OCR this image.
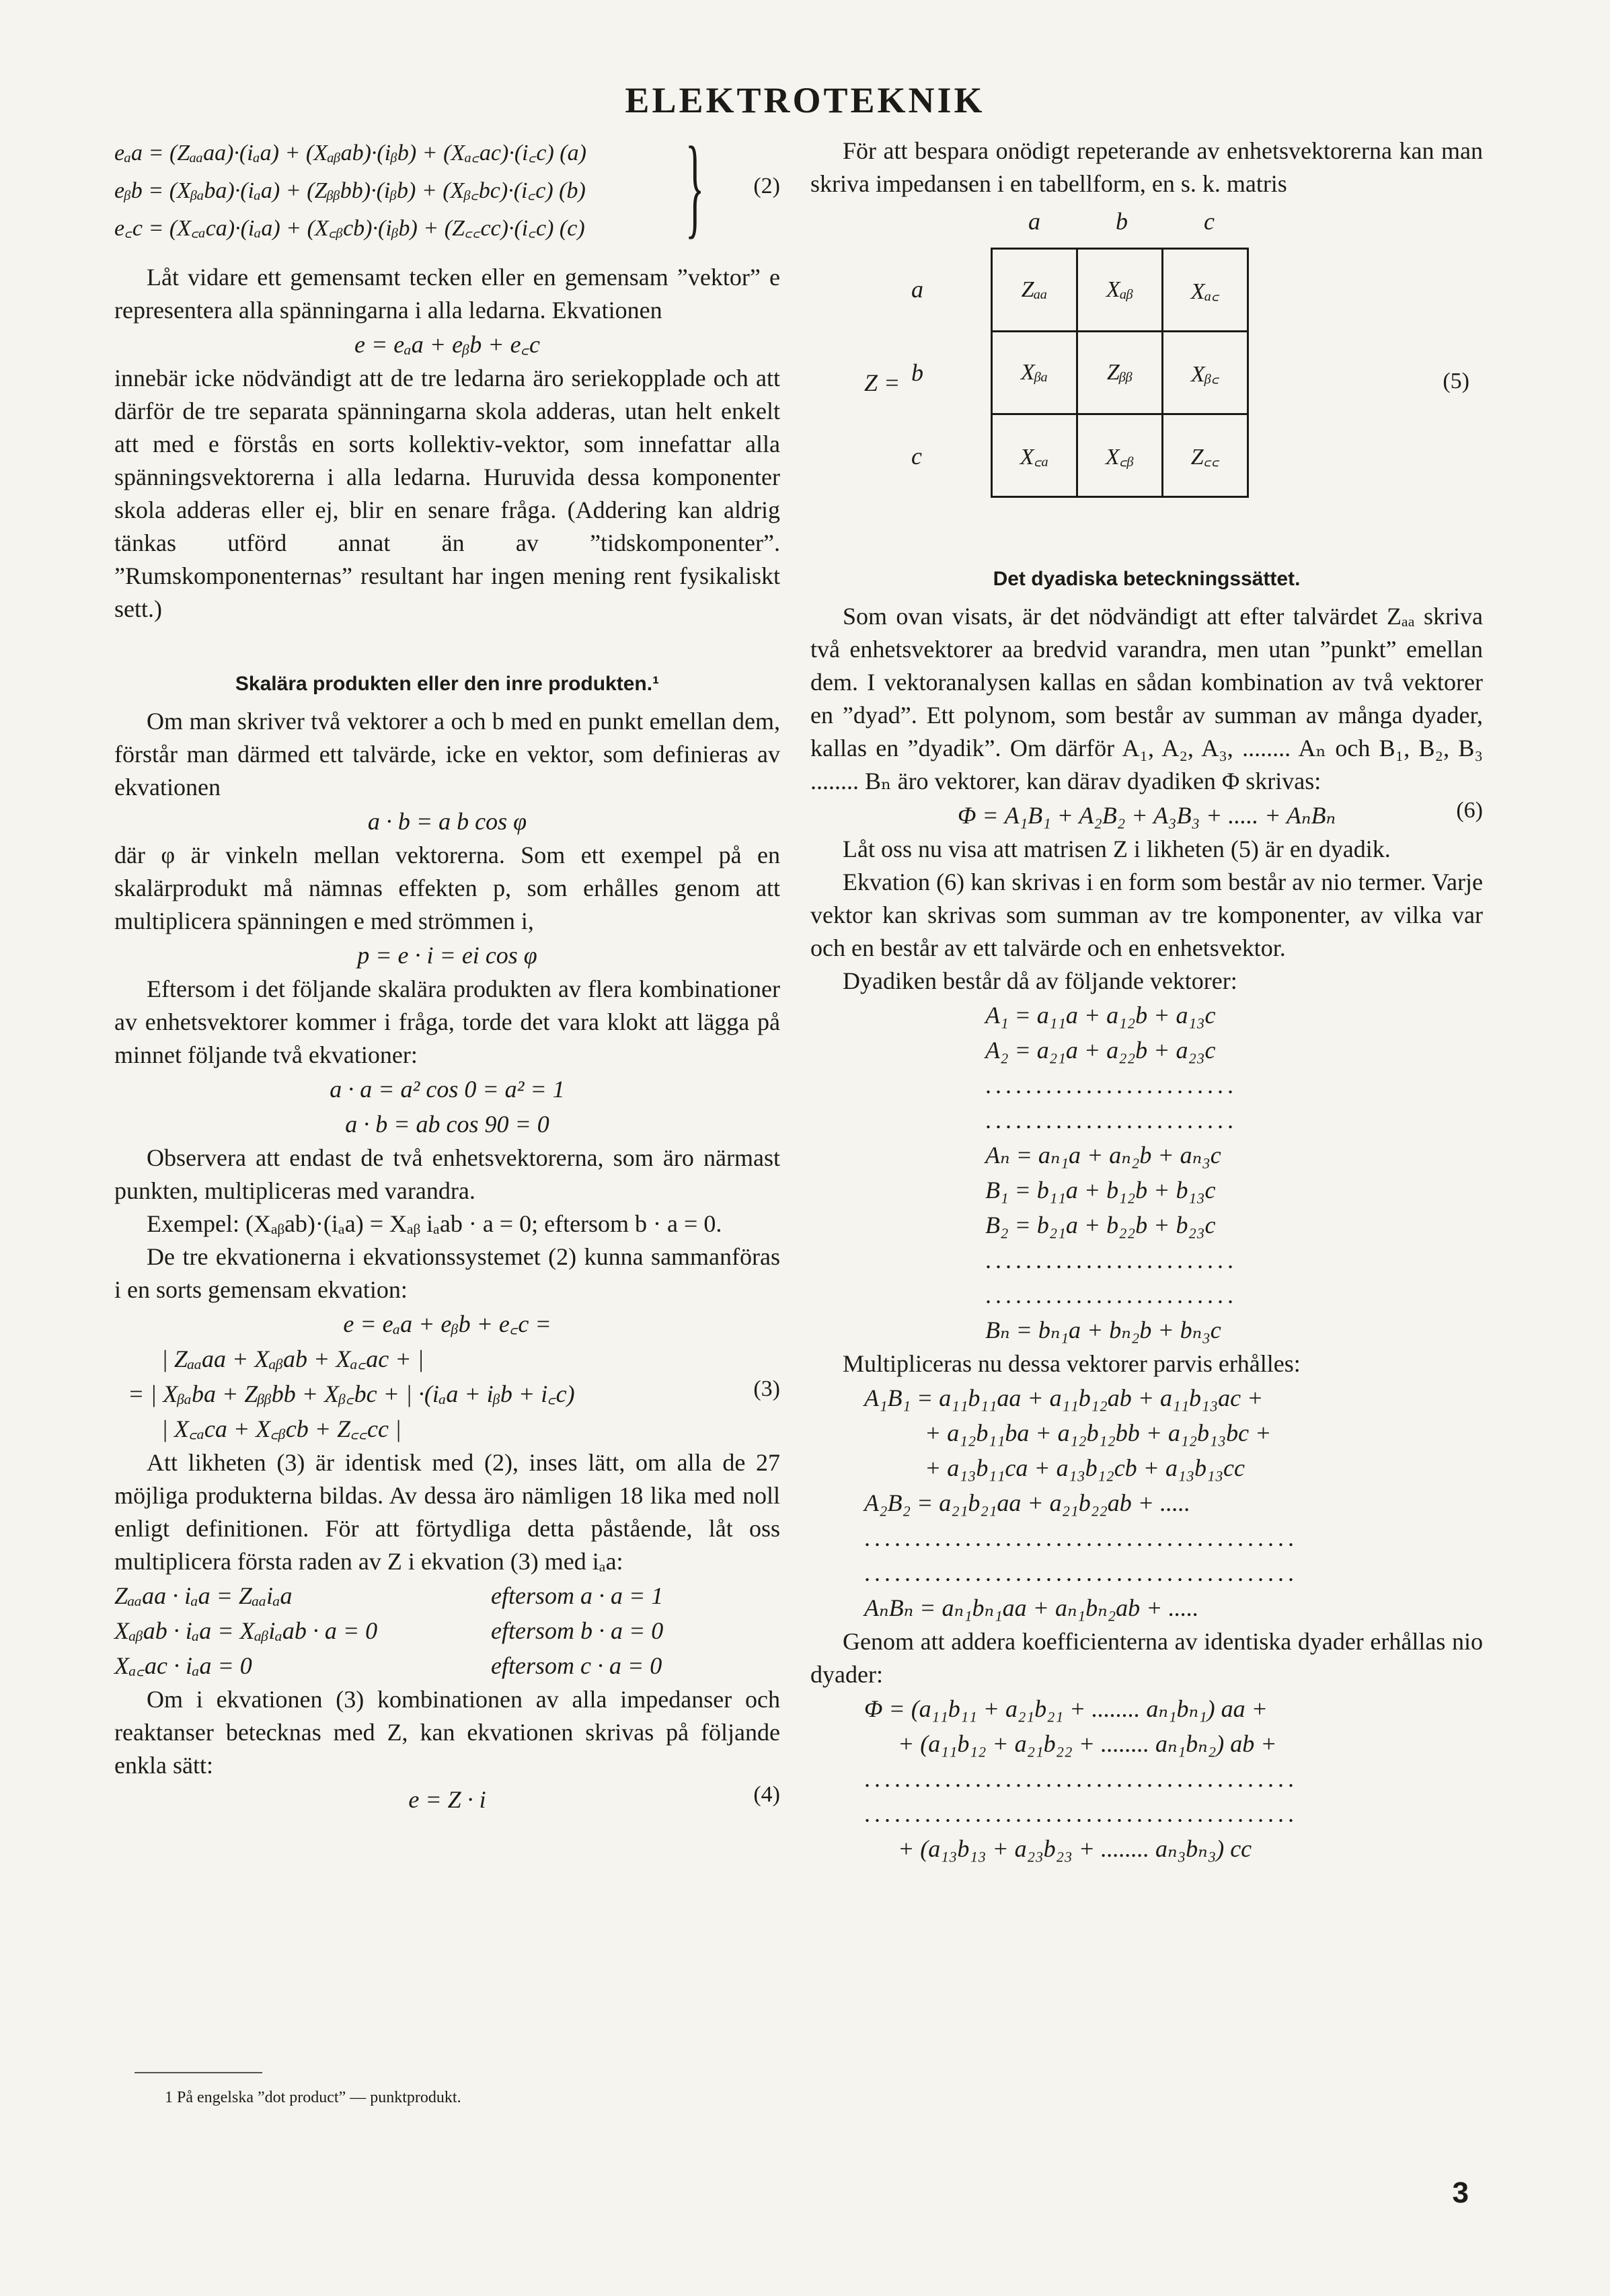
ELEKTROTEKNIK
eₐa = (Zₐₐaa)·(iₐa) + (Xₐᵦab)·(iᵦb) + (Xₐ꜀ac)·(i꜀c) (a)
eᵦb = (Xᵦₐba)·(iₐa) + (Zᵦᵦbb)·(iᵦb) + (Xᵦ꜀bc)·(i꜀c) (b)
e꜀c = (X꜀ₐca)·(iₐa) + (X꜀ᵦcb)·(iᵦb) + (Z꜀꜀cc)·(i꜀c) (c) } (2)

Låt vidare ett gemensamt tecken eller en gemensam ”vektor” e representera alla spänningarna i alla ledarna. Ekvationen

e = eₐa + eᵦb + e꜀c

innebär icke nödvändigt att de tre ledarna äro seriekopplade och att därför de tre separata spänningarna skola adderas, utan helt enkelt att med e förstås en sorts kollektiv-vektor, som innefattar alla spänningsvektorerna i alla ledarna. Huruvida dessa komponenter skola adderas eller ej, blir en senare fråga. (Addering kan aldrig tänkas utförd annat än av ”tidskomponenter”. ”Rumskomponenternas” resultant har ingen mening rent fysikaliskt sett.)

Skalära produkten eller den inre produkten.¹

Om man skriver två vektorer a och b med en punkt emellan dem, förstår man därmed ett talvärde, icke en vektor, som definieras av ekvationen

a · b = a b cos φ

där φ är vinkeln mellan vektorerna. Som ett exempel på en skalärprodukt må nämnas effekten p, som erhålles genom att multiplicera spänningen e med strömmen i,

p = e · i = ei cos φ

Eftersom i det följande skalära produkten av flera kombinationer av enhetsvektorer kommer i fråga, torde det vara klokt att lägga på minnet följande två ekvationer:

a · a = a² cos 0 = a² = 1
a · b = ab cos 90 = 0

Observera att endast de två enhetsvektorerna, som äro närmast punkten, multipliceras med varandra.

Exempel: (Xₐᵦab)·(iₐa) = Xₐᵦ iₐab · a = 0; eftersom b · a = 0.

De tre ekvationerna i ekvationssystemet (2) kunna sammanföras i en sorts gemensam ekvation:

e = eₐa + eᵦb + e꜀c =
| Zₐₐaa + Xₐᵦab + Xₐ꜀ac + |
= | Xᵦₐba + Zᵦᵦbb + Xᵦ꜀bc + | ·(iₐa + iᵦb + i꜀c)
| X꜀ₐca + X꜀ᵦcb + Z꜀꜀cc |
(3)

Att likheten (3) är identisk med (2), inses lätt, om alla de 27 möjliga produkterna bildas. Av dessa äro nämligen 18 lika med noll enligt definitionen. För att förtydliga detta påstående, låt oss multiplicera första raden av Z i ekvation (3) med iₐa:

Zₐₐaa · iₐa = Zₐₐiₐa	eftersom a · a = 1
Xₐᵦab · iₐa = Xₐᵦiₐab · a = 0	eftersom b · a = 0
Xₐ꜀ac · iₐa = 0	eftersom c · a = 0

Om i ekvationen (3) kombinationen av alla impedanser och reaktanser betecknas med Z, kan ekvationen skrivas på följande enkla sätt:

e = Z · i	(4)
1 På engelska ”dot product” — punktprodukt.

För att bespara onödigt repeterande av enhetsvektorerna kan man skriva impedansen i en tabellform, en s. k. matris

a	b	c
a
b
c
Z =
Zₐₐ	Xₐᵦ	Xₐ꜀
Xᵦₐ	Zᵦᵦ	Xᵦ꜀
X꜀ₐ	X꜀ᵦ	Z꜀꜀
(5)
Det dyadiska beteckningssättet.

Som ovan visats, är det nödvändigt att efter talvärdet Zₐₐ skriva två enhetsvektorer aa bredvid varandra, men utan ”punkt” emellan dem. I vektoranalysen kallas en sådan kombination av två vektorer en ”dyad”. Ett polynom, som består av summan av många dyader, kallas en ”dyadik”. Om därför A₁, A₂, A₃, ........ Aₙ och B₁, B₂, B₃ ........ Bₙ äro vektorer, kan därav dyadiken Φ skrivas:

Φ = A₁B₁ + A₂B₂ + A₃B₃ + ..... + AₙBₙ	(6)

Låt oss nu visa att matrisen Z i likheten (5) är en dyadik.

Ekvation (6) kan skrivas i en form som består av nio termer. Varje vektor kan skrivas som summan av tre komponenter, av vilka var och en består av ett talvärde och en enhetsvektor.

Dyadiken består då av följande vektorer:

A₁ = a₁₁a + a₁₂b + a₁₃c
A₂ = a₂₁a + a₂₂b + a₂₃c
.........................
.........................
Aₙ = aₙ₁a + aₙ₂b + aₙ₃c
B₁ = b₁₁a + b₁₂b + b₁₃c
B₂ = b₂₁a + b₂₂b + b₂₃c
.........................
.........................
Bₙ = bₙ₁a + bₙ₂b + bₙ₃c

Multipliceras nu dessa vektorer parvis erhålles:

A₁B₁ = a₁₁b₁₁aa + a₁₁b₁₂ab + a₁₁b₁₃ac +
+ a₁₂b₁₁ba + a₁₂b₁₂bb + a₁₂b₁₃bc +
+ a₁₃b₁₁ca + a₁₃b₁₂cb + a₁₃b₁₃cc
A₂B₂ = a₂₁b₂₁aa + a₂₁b₂₂ab + .....
...........................................
...........................................
AₙBₙ = aₙ₁bₙ₁aa + aₙ₁bₙ₂ab + .....

Genom att addera koefficienterna av identiska dyader erhållas nio dyader:

Φ = (a₁₁b₁₁ + a₂₁b₂₁ + ........ aₙ₁bₙ₁) aa +
+ (a₁₁b₁₂ + a₂₁b₂₂ + ........ aₙ₁bₙ₂) ab +
...........................................
...........................................
+ (a₁₃b₁₃ + a₂₃b₂₃ + ........ aₙ₃bₙ₃) cc
3
